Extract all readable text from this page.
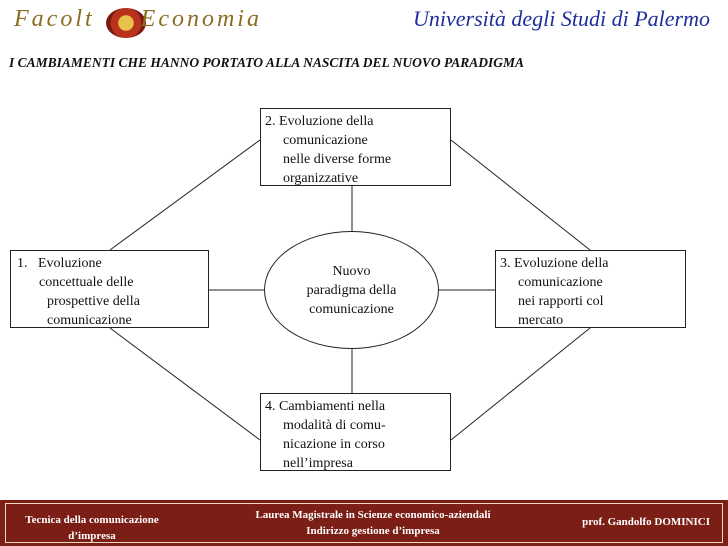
Facolt Economia	Università degli Studi di Palermo
I CAMBIAMENTI CHE HANNO PORTATO ALLA NASCITA DEL NUOVO PARADIGMA
2. Evoluzione della
comunicazione
nelle diverse forme
organizzative
1. Evoluzione
concettuale delle
prospettive della
comunicazione
3. Evoluzione della
comunicazione
nei rapporti col
mercato
4. Cambiamenti nella
modalità di comu-
nicazione in corso
nell’impresa
Nuovo
paradigma della
comunicazione
Tecnica della comunicazione
d’impresa
Laurea Magistrale in Scienze economico-aziendali
Indirizzo gestione d’impresa
prof. Gandolfo DOMINICI
